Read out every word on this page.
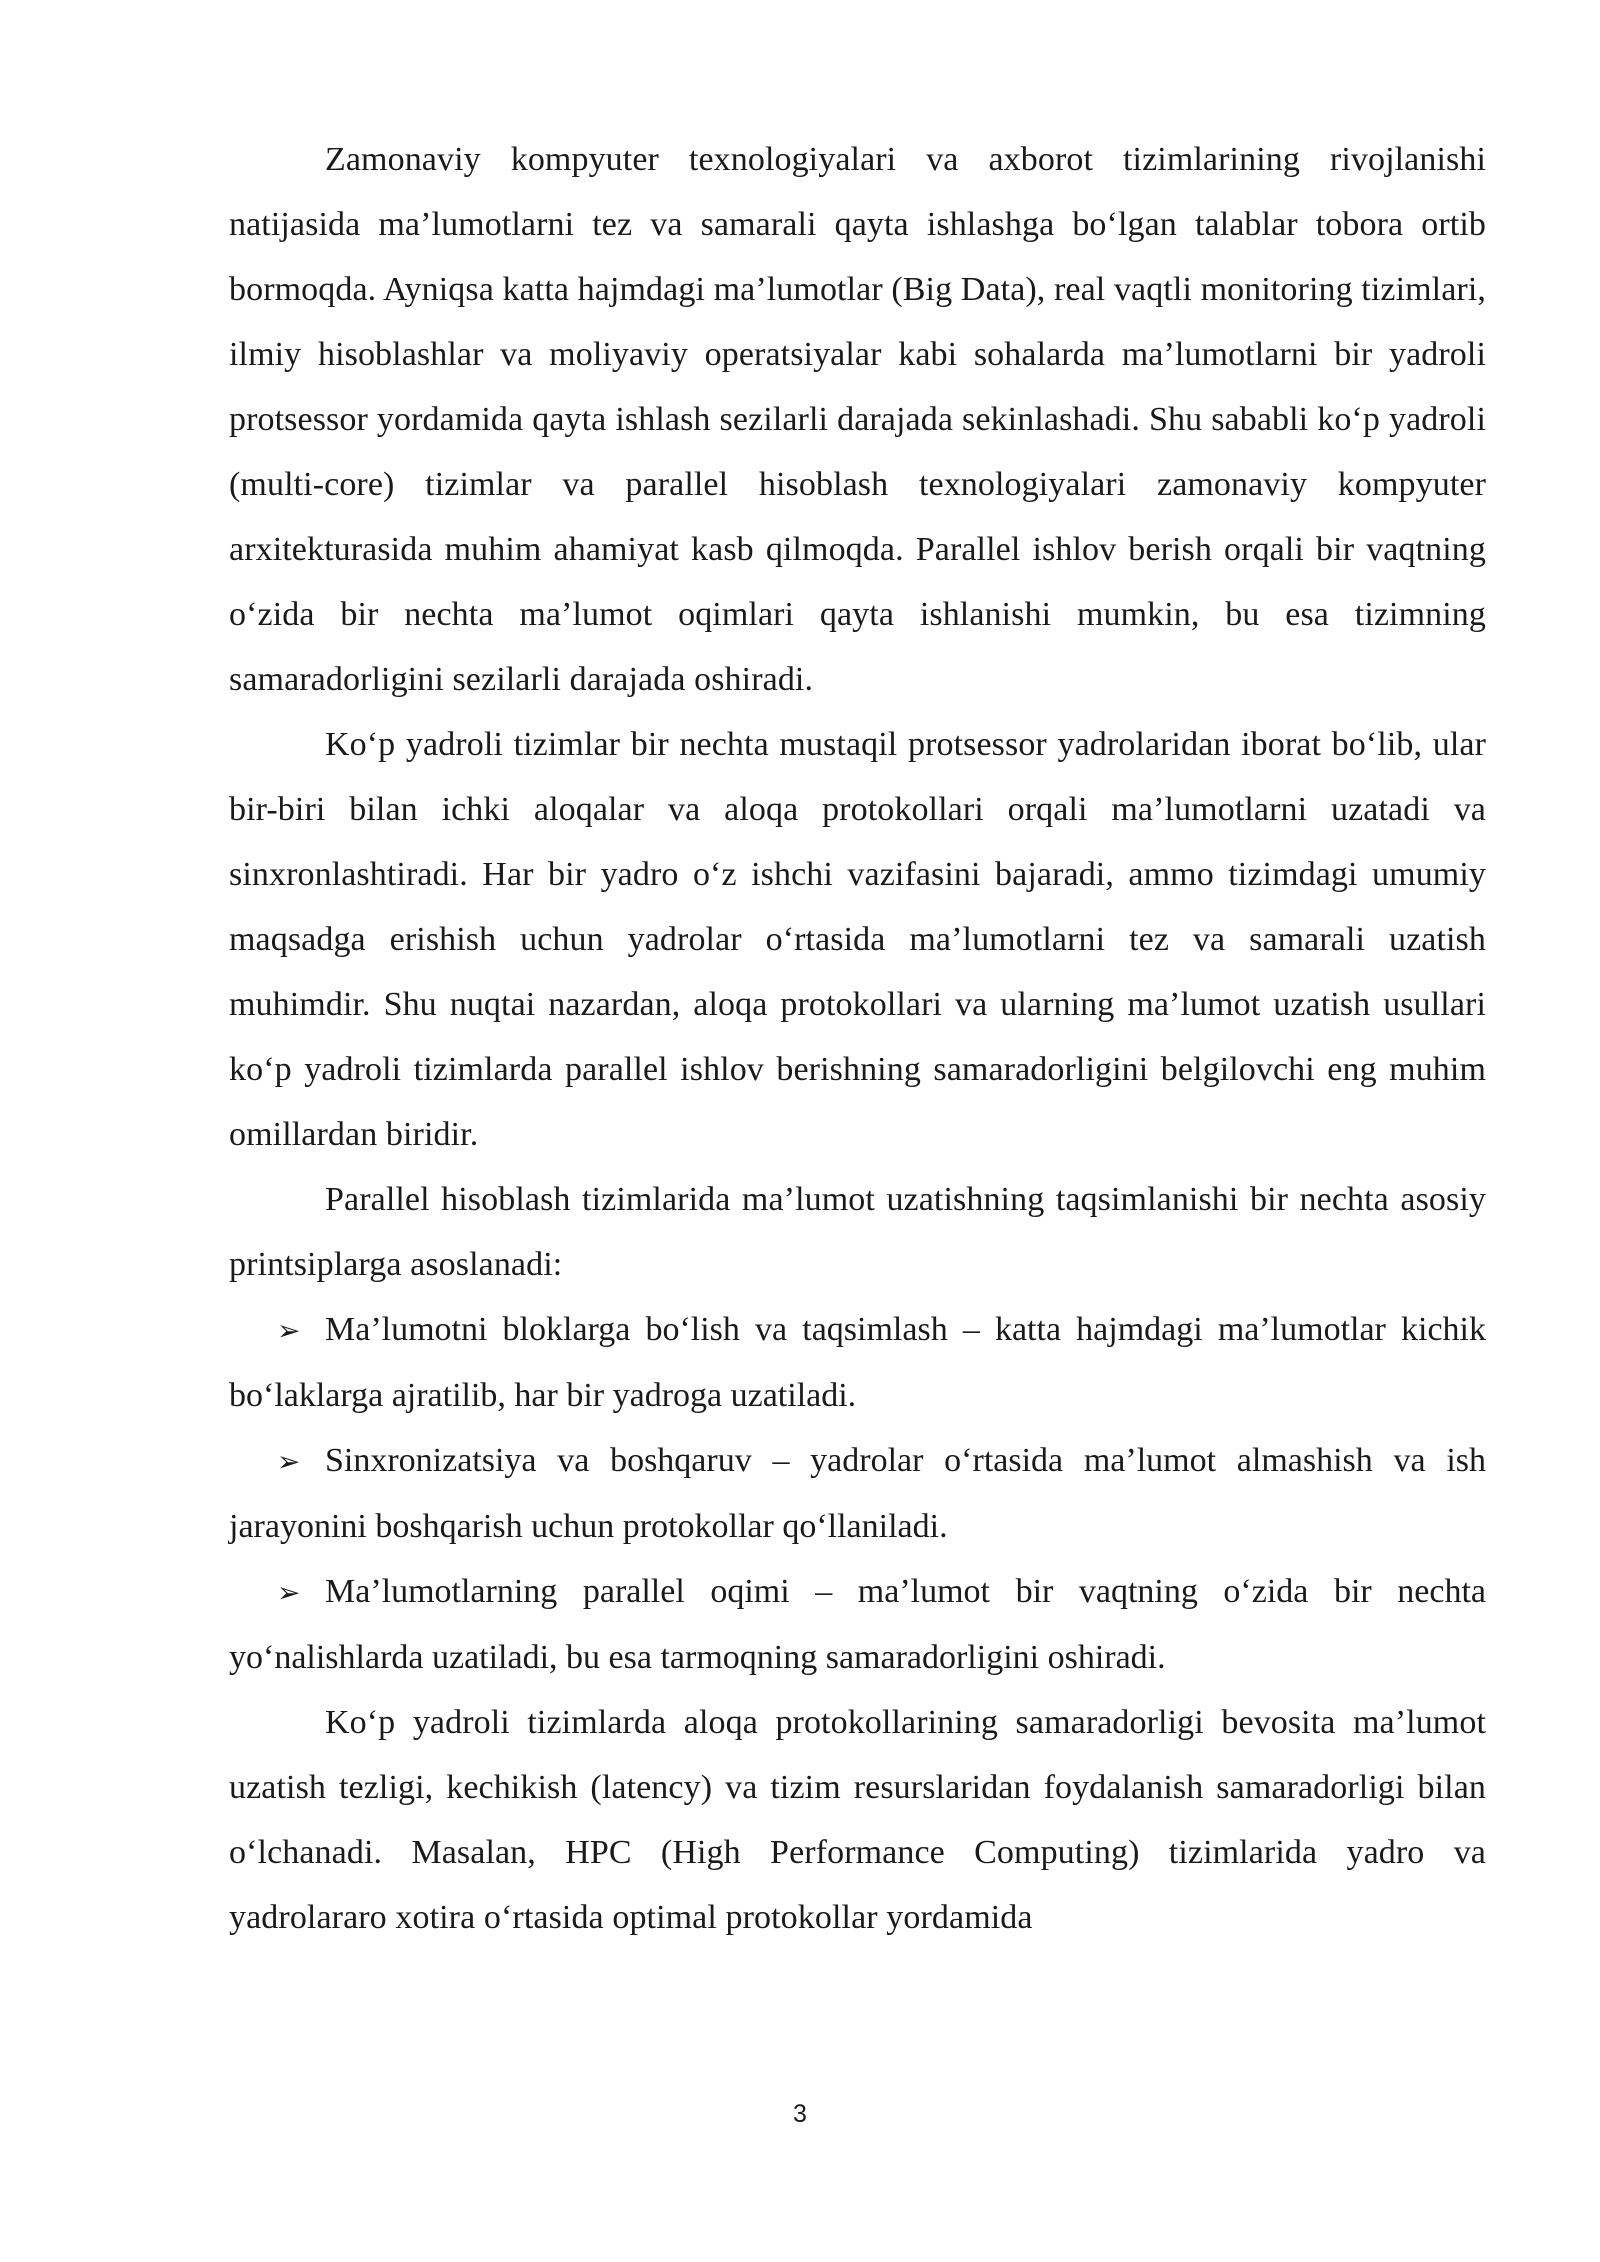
Zamonaviy kompyuter texnologiyalari va axborot tizimlarining rivojlanishi natijasida ma’lumotlarni tez va samarali qayta ishlashga bo‘lgan talablar tobora ortib bormoqda. Ayniqsa katta hajmdagi ma’lumotlar (Big Data), real vaqtli monitoring tizimlari, ilmiy hisoblashlar va moliyaviy operatsiyalar kabi sohalarda ma’lumotlarni bir yadroli protsessor yordamida qayta ishlash sezilarli darajada sekinlashadi. Shu sababli ko‘p yadroli (multi-core) tizimlar va parallel hisoblash texnologiyalari zamonaviy kompyuter arxitekturasida muhim ahamiyat kasb qilmoqda. Parallel ishlov berish orqali bir vaqtning o‘zida bir nechta ma’lumot oqimlari qayta ishlanishi mumkin, bu esa tizimning samaradorligini sezilarli darajada oshiradi.

Ko‘p yadroli tizimlar bir nechta mustaqil protsessor yadrolaridan iborat bo‘lib, ular bir-biri bilan ichki aloqalar va aloqa protokollari orqali ma’lumotlarni uzatadi va sinxronlashtiradi. Har bir yadro o‘z ishchi vazifasini bajaradi, ammo tizimdagi umumiy maqsadga erishish uchun yadrolar o‘rtasida ma’lumotlarni tez va samarali uzatish muhimdir. Shu nuqtai nazardan, aloqa protokollari va ularning ma’lumot uzatish usullari ko‘p yadroli tizimlarda parallel ishlov berishning samaradorligini belgilovchi eng muhim omillardan biridir.

Parallel hisoblash tizimlarida ma’lumot uzatishning taqsimlanishi bir nechta asosiy printsiplarga asoslanadi:

➢ Ma’lumotni bloklarga bo‘lish va taqsimlash – katta hajmdagi ma’lumotlar kichik bo‘laklarga ajratilib, har bir yadroga uzatiladi.

➢ Sinxronizatsiya va boshqaruv – yadrolar o‘rtasida ma’lumot almashish va ish jarayonini boshqarish uchun protokollar qo‘llaniladi.

➢ Ma’lumotlarning parallel oqimi – ma’lumot bir vaqtning o‘zida bir nechta yo‘nalishlarda uzatiladi, bu esa tarmoqning samaradorligini oshiradi.

Ko‘p yadroli tizimlarda aloqa protokollarining samaradorligi bevosita ma’lumot uzatish tezligi, kechikish (latency) va tizim resurslaridan foydalanish samaradorligi bilan o‘lchanadi. Masalan, HPC (High Performance Computing) tizimlarida yadro va yadrolararo xotira o‘rtasida optimal protokollar yordamida

3
